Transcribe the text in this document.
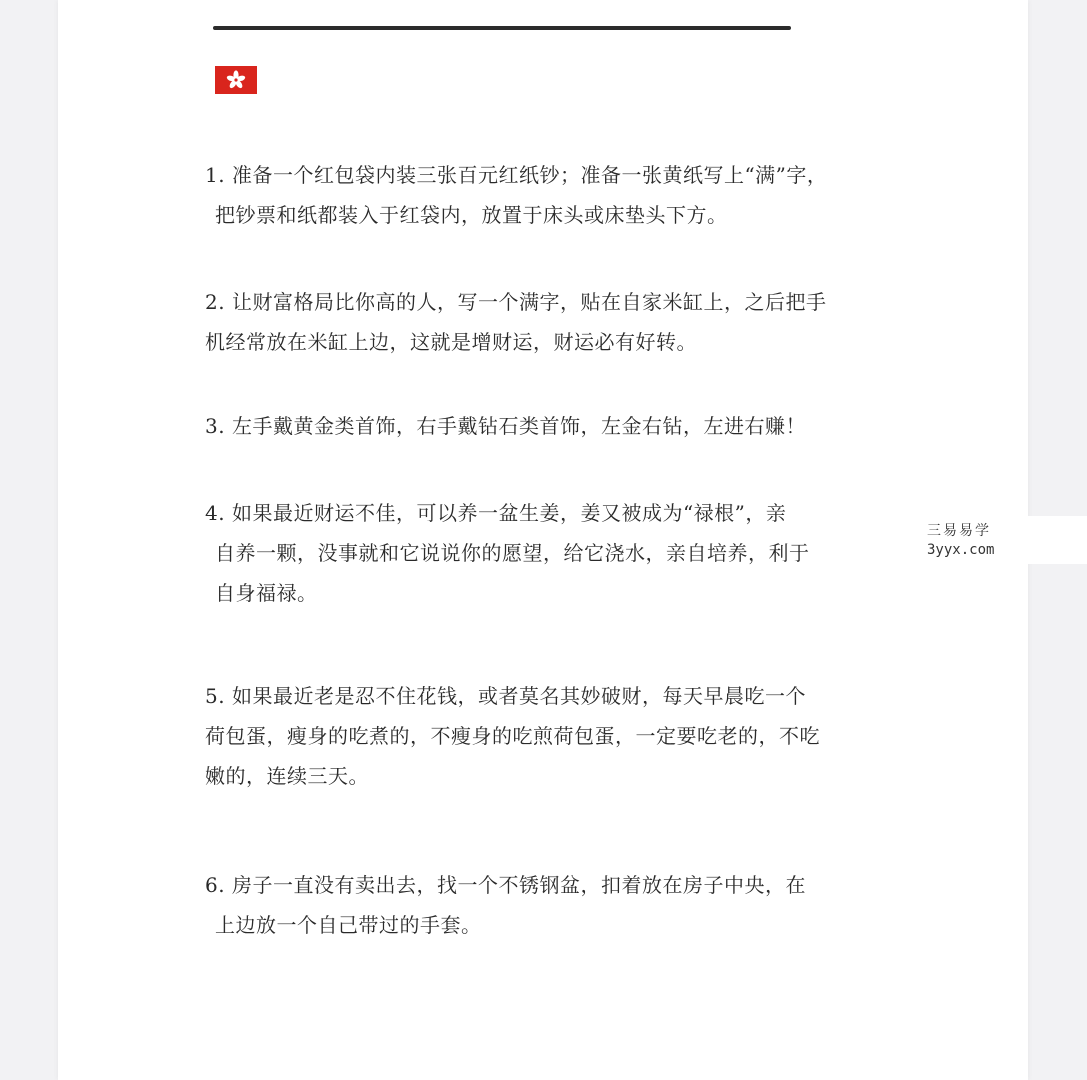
1. 准备一个红包袋内装三张百元红纸钞；准备一张黄纸写上“满”字，
把钞票和纸都装入于红袋内，放置于床头或床垫头下方。
2. 让财富格局比你高的人，写一个满字，贴在自家米缸上，之后把手
机经常放在米缸上边，这就是增财运，财运必有好转。
3. 左手戴黄金类首饰，右手戴钻石类首饰，左金右钻，左进右赚！
4. 如果最近财运不佳，可以养一盆生姜，姜又被成为“禄根”，亲
自养一颗，没事就和它说说你的愿望，给它浇水，亲自培养，利于
自身福禄。
5. 如果最近老是忍不住花钱，或者莫名其妙破财，每天早晨吃一个
荷包蛋，瘦身的吃煮的，不瘦身的吃煎荷包蛋，一定要吃老的，不吃
嫩的，连续三天。
6. 房子一直没有卖出去，找一个不锈钢盆，扣着放在房子中央，在
上边放一个自己带过的手套。
三易易学
3yyx.com
